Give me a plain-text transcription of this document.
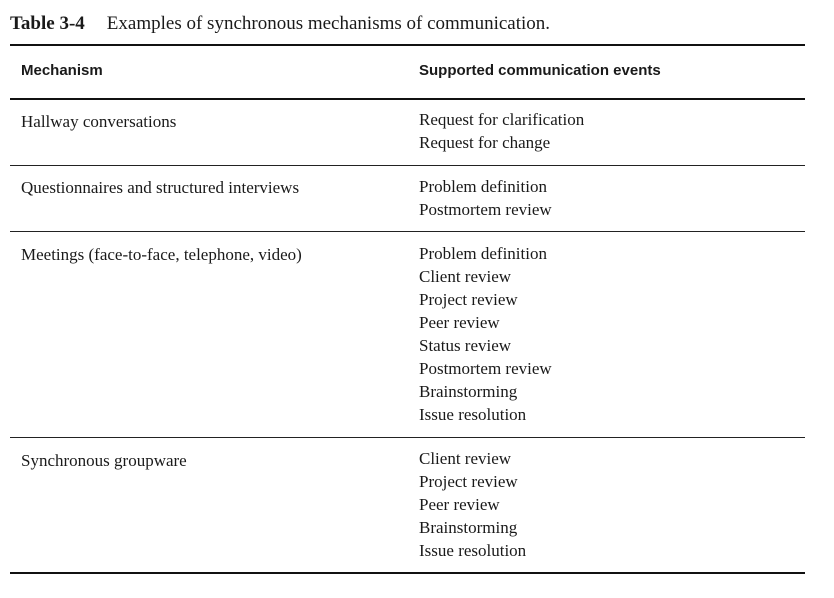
Table 3-4 Examples of synchronous mechanisms of communication.
Mechanism	Supported communication events
Hallway conversations	Request for clarification
Request for change
Questionnaires and structured interviews	Problem definition
Postmortem review
Meetings (face-to-face, telephone, video)	Problem definition
Client review
Project review
Peer review
Status review
Postmortem review
Brainstorming
Issue resolution
Synchronous groupware	Client review
Project review
Peer review
Brainstorming
Issue resolution
